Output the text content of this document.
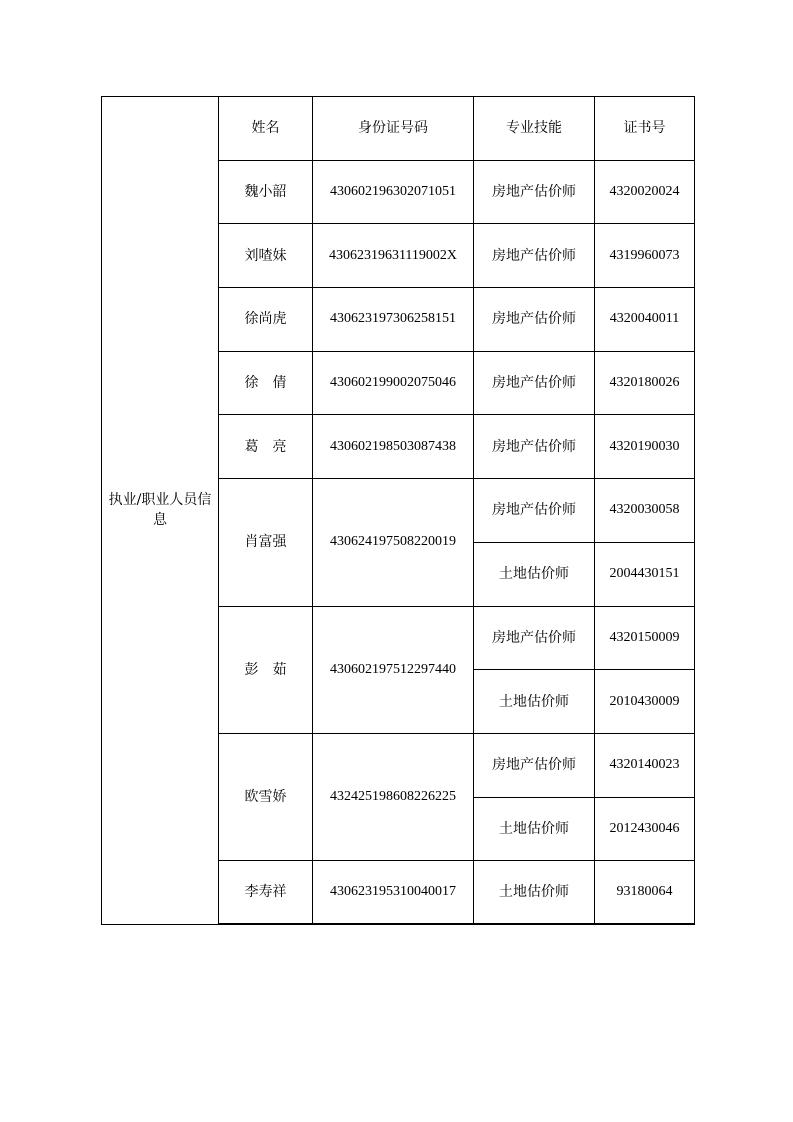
执业/职业人员信息	姓名	身份证号码	专业技能	证书号
	魏小韶	430602196302071051	房地产估价师	4320020024
	刘喳妹	43062319631119002X	房地产估价师	4319960073
	徐尚虎	430623197306258151	房地产估价师	4320040011
	徐　倩	430602199002075046	房地产估价师	4320180026
	葛　亮	430602198503087438	房地产估价师	4320190030
	肖富强	430624197508220019	房地产估价师	4320030058
			土地估价师	2004430151
	彭　茹	430602197512297440	房地产估价师	4320150009
			土地估价师	2010430009
	欧雪娇	432425198608226225	房地产估价师	4320140023
			土地估价师	2012430046
	李寿祥	430623195310040017	土地估价师	93180064
